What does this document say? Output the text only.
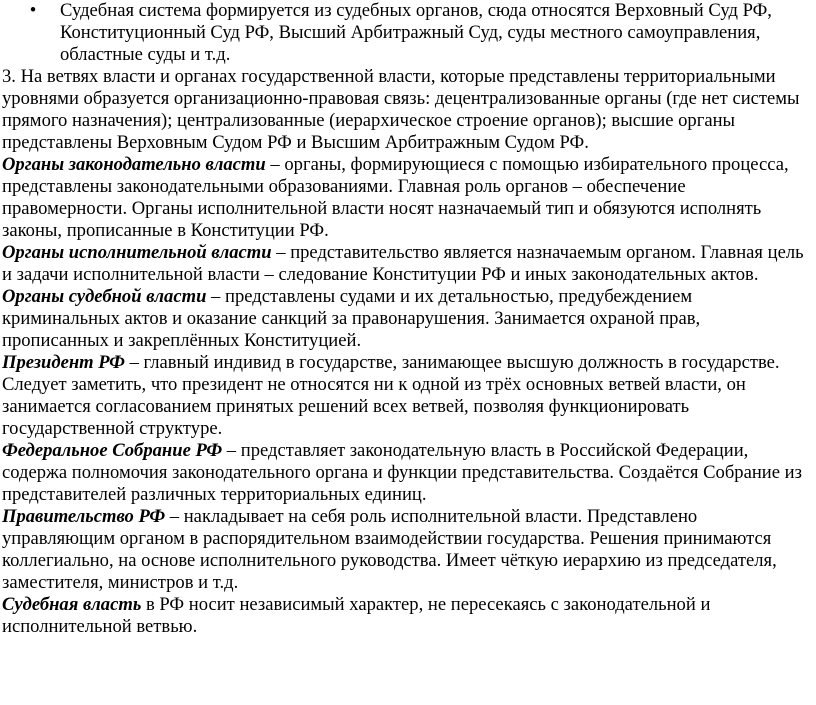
• Судебная система формируется из судебных органов, сюда относятся Верховный Суд РФ, Конституционный Суд РФ, Высший Арбитражный Суд, суды местного самоуправления, областные суды и т.д.

3. На ветвях власти и органах государственной власти, которые представлены территориальными уровнями образуется организационно-правовая связь: децентрализованные органы (где нет системы прямого назначения); централизованные (иерархическое строение органов); высшие органы представлены Верховным Судом РФ и Высшим Арбитражным Судом РФ.

Органы законодательно власти – органы, формирующиеся с помощью избирательного процесса, представлены законодательными образованиями. Главная роль органов – обеспечение правомерности. Органы исполнительной власти носят назначаемый тип и обязуются исполнять законы, прописанные в Конституции РФ.

Органы исполнительной власти – представительство является назначаемым органом. Главная цель и задачи исполнительной власти – следование Конституции РФ и иных законодательных актов.

Органы судебной власти – представлены судами и их детальностью, предубеждением криминальных актов и оказание санкций за правонарушения. Занимается охраной прав, прописанных и закреплённых Конституцией.

Президент РФ – главный индивид в государстве, занимающее высшую должность в государстве. Следует заметить, что президент не относятся ни к одной из трёх основных ветвей власти, он занимается согласованием принятых решений всех ветвей, позволяя функционировать государственной структуре.

Федеральное Собрание РФ – представляет законодательную власть в Российской Федерации, содержа полномочия законодательного органа и функции представительства. Создаётся Собрание из представителей различных территориальных единиц.

Правительство РФ – накладывает на себя роль исполнительной власти. Представлено управляющим органом в распорядительном взаимодействии государства. Решения принимаются коллегиально, на основе исполнительного руководства. Имеет чёткую иерархию из председателя, заместителя, министров и т.д.

Судебная власть в РФ носит независимый характер, не пересекаясь с законодательной и исполнительной ветвью.
